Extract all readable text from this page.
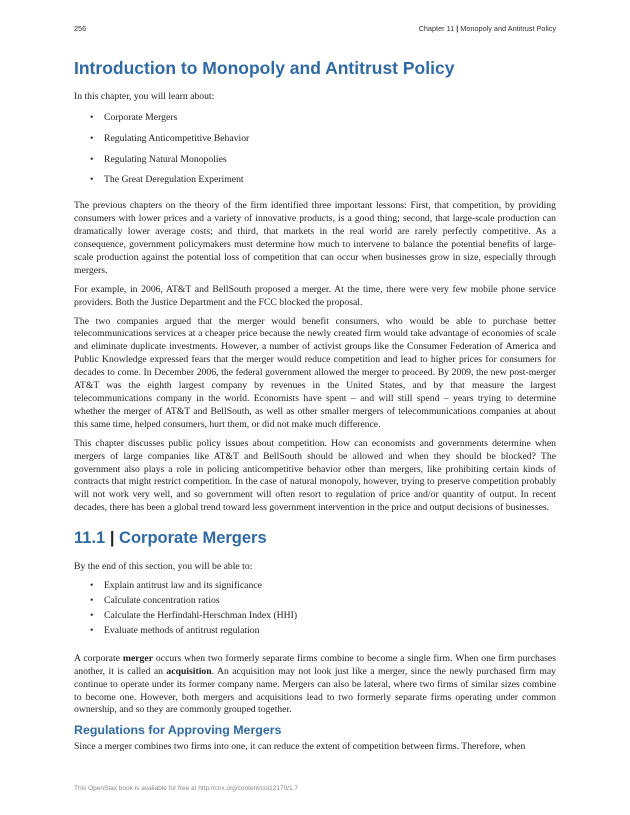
256	Chapter 11 | Monopoly and Antitrust Policy
Introduction to Monopoly and Antitrust Policy

In this chapter, you will learn about:

• Corporate Mergers
• Regulating Anticompetitive Behavior
• Regulating Natural Monopolies
• The Great Deregulation Experiment

The previous chapters on the theory of the firm identified three important lessons: First, that competition, by providing consumers with lower prices and a variety of innovative products, is a good thing; second, that large-scale production can dramatically lower average costs; and third, that markets in the real world are rarely perfectly competitive. As a consequence, government policymakers must determine how much to intervene to balance the potential benefits of large-scale production against the potential loss of competition that can occur when businesses grow in size, especially through mergers.

For example, in 2006, AT&T and BellSouth proposed a merger. At the time, there were very few mobile phone service providers. Both the Justice Department and the FCC blocked the proposal.

The two companies argued that the merger would benefit consumers, who would be able to purchase better telecommunications services at a cheaper price because the newly created firm would take advantage of economies of scale and eliminate duplicate investments. However, a number of activist groups like the Consumer Federation of America and Public Knowledge expressed fears that the merger would reduce competition and lead to higher prices for consumers for decades to come. In December 2006, the federal government allowed the merger to proceed. By 2009, the new post-merger AT&T was the eighth largest company by revenues in the United States, and by that measure the largest telecommunications company in the world. Economists have spent – and will still spend – years trying to determine whether the merger of AT&T and BellSouth, as well as other smaller mergers of telecommunications companies at about this same time, helped consumers, hurt them, or did not make much difference.

This chapter discusses public policy issues about competition. How can economists and governments determine when mergers of large companies like AT&T and BellSouth should be allowed and when they should be blocked? The government also plays a role in policing anticompetitive behavior other than mergers, like prohibiting certain kinds of contracts that might restrict competition. In the case of natural monopoly, however, trying to preserve competition probably will not work very well, and so government will often resort to regulation of price and/or quantity of output. In recent decades, there has been a global trend toward less government intervention in the price and output decisions of businesses.

11.1 | Corporate Mergers

By the end of this section, you will be able to:

• Explain antitrust law and its significance
• Calculate concentration ratios
• Calculate the Herfindahl-Herschman Index (HHI)
• Evaluate methods of antitrust regulation

A corporate merger occurs when two formerly separate firms combine to become a single firm. When one firm purchases another, it is called an acquisition. An acquisition may not look just like a merger, since the newly purchased firm may continue to operate under its former company name. Mergers can also be lateral, where two firms of similar sizes combine to become one. However, both mergers and acquisitions lead to two formerly separate firms operating under common ownership, and so they are commonly grouped together.

Regulations for Approving Mergers

Since a merger combines two firms into one, it can reduce the extent of competition between firms. Therefore, when

This OpenStax book is available for free at http://cnx.org/content/col12170/1.7
